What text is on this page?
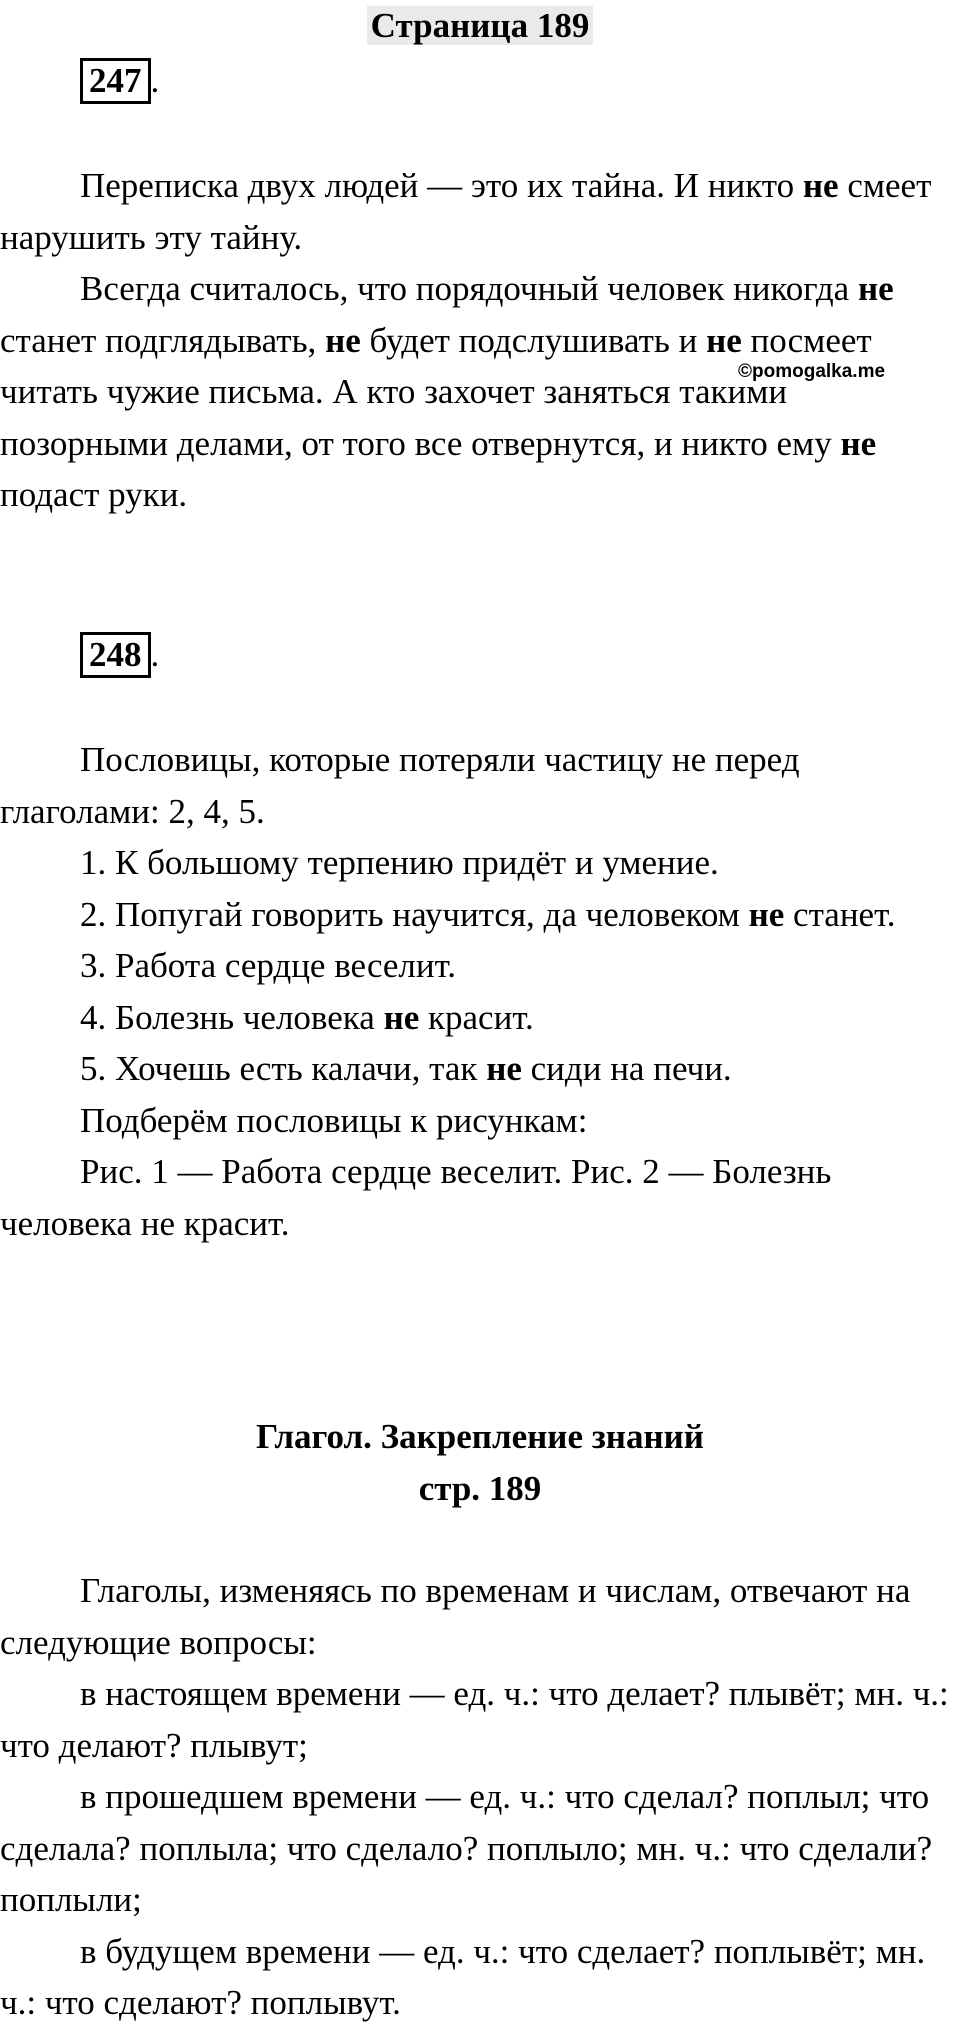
Страница 189
247 .

Переписка двух людей — это их тайна. И никто не смеет нарушить эту тайну.

Всегда считалось, что порядочный человек никогда не станет подглядывать, не будет подслушивать и не посмеет читать чужие письма. А кто захочет заняться такими позорными делами, от того все отвернутся, и никто ему не подаст руки.

©pomogalka.me
248 .

Пословицы, которые потеряли частицу не перед глаголами: 2, 4, 5.

1. К большому терпению придёт и умение.

2. Попугай говорить научится, да человеком не станет.

3. Работа сердце веселит.

4. Болезнь человека не красит.

5. Хочешь есть калачи, так не сиди на печи.

Подберём пословицы к рисункам:

Рис. 1 — Работа сердце веселит. Рис. 2 — Болезнь человека не красит.

Глагол. Закрепление знаний
стр. 189

Глаголы, изменяясь по временам и числам, отвечают на следующие вопросы:

в настоящем времени — ед. ч.: что делает? плывёт; мн. ч.: что делают? плывут;

в прошедшем времени — ед. ч.: что сделал? поплыл; что сделала? поплыла; что сделало? поплыло; мн. ч.: что сделали? поплыли;

в будущем времени — ед. ч.: что сделает? поплывёт; мн. ч.: что сделают? поплывут.
